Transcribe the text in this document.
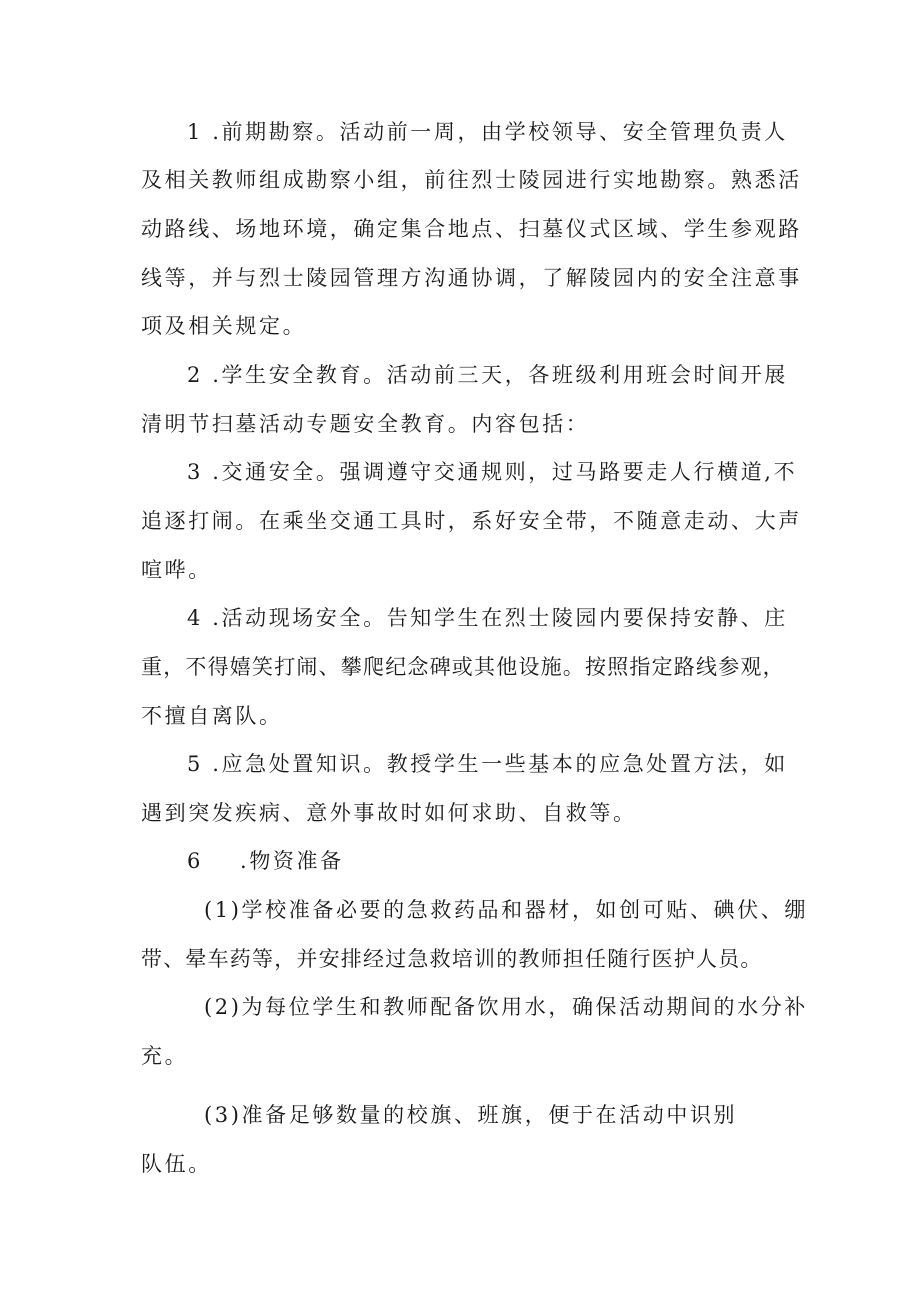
1 .前期勘察。活动前一周，由学校领导、安全管理负责人
及相关教师组成勘察小组，前往烈士陵园进行实地勘察。熟悉活
动路线、场地环境，确定集合地点、扫墓仪式区域、学生参观路
线等，并与烈士陵园管理方沟通协调，了解陵园内的安全注意事
项及相关规定。
2 .学生安全教育。活动前三天，各班级利用班会时间开展
清明节扫墓活动专题安全教育。内容包括：
3 .交通安全。强调遵守交通规则，过马路要走人行横道,不
追逐打闹。在乘坐交通工具时，系好安全带，不随意走动、大声
喧哗。
4 .活动现场安全。告知学生在烈士陵园内要保持安静、庄
重，不得嬉笑打闹、攀爬纪念碑或其他设施。按照指定路线参观，
不擅自离队。
5 .应急处置知识。教授学生一些基本的应急处置方法，如
遇到突发疾病、意外事故时如何求助、自救等。
6    .物资准备
(1)学校准备必要的急救药品和器材，如创可贴、碘伏、绷
带、晕车药等，并安排经过急救培训的教师担任随行医护人员。
(2)为每位学生和教师配备饮用水，确保活动期间的水分补
充。
(3)准备足够数量的校旗、班旗，便于在活动中识别
队伍。
